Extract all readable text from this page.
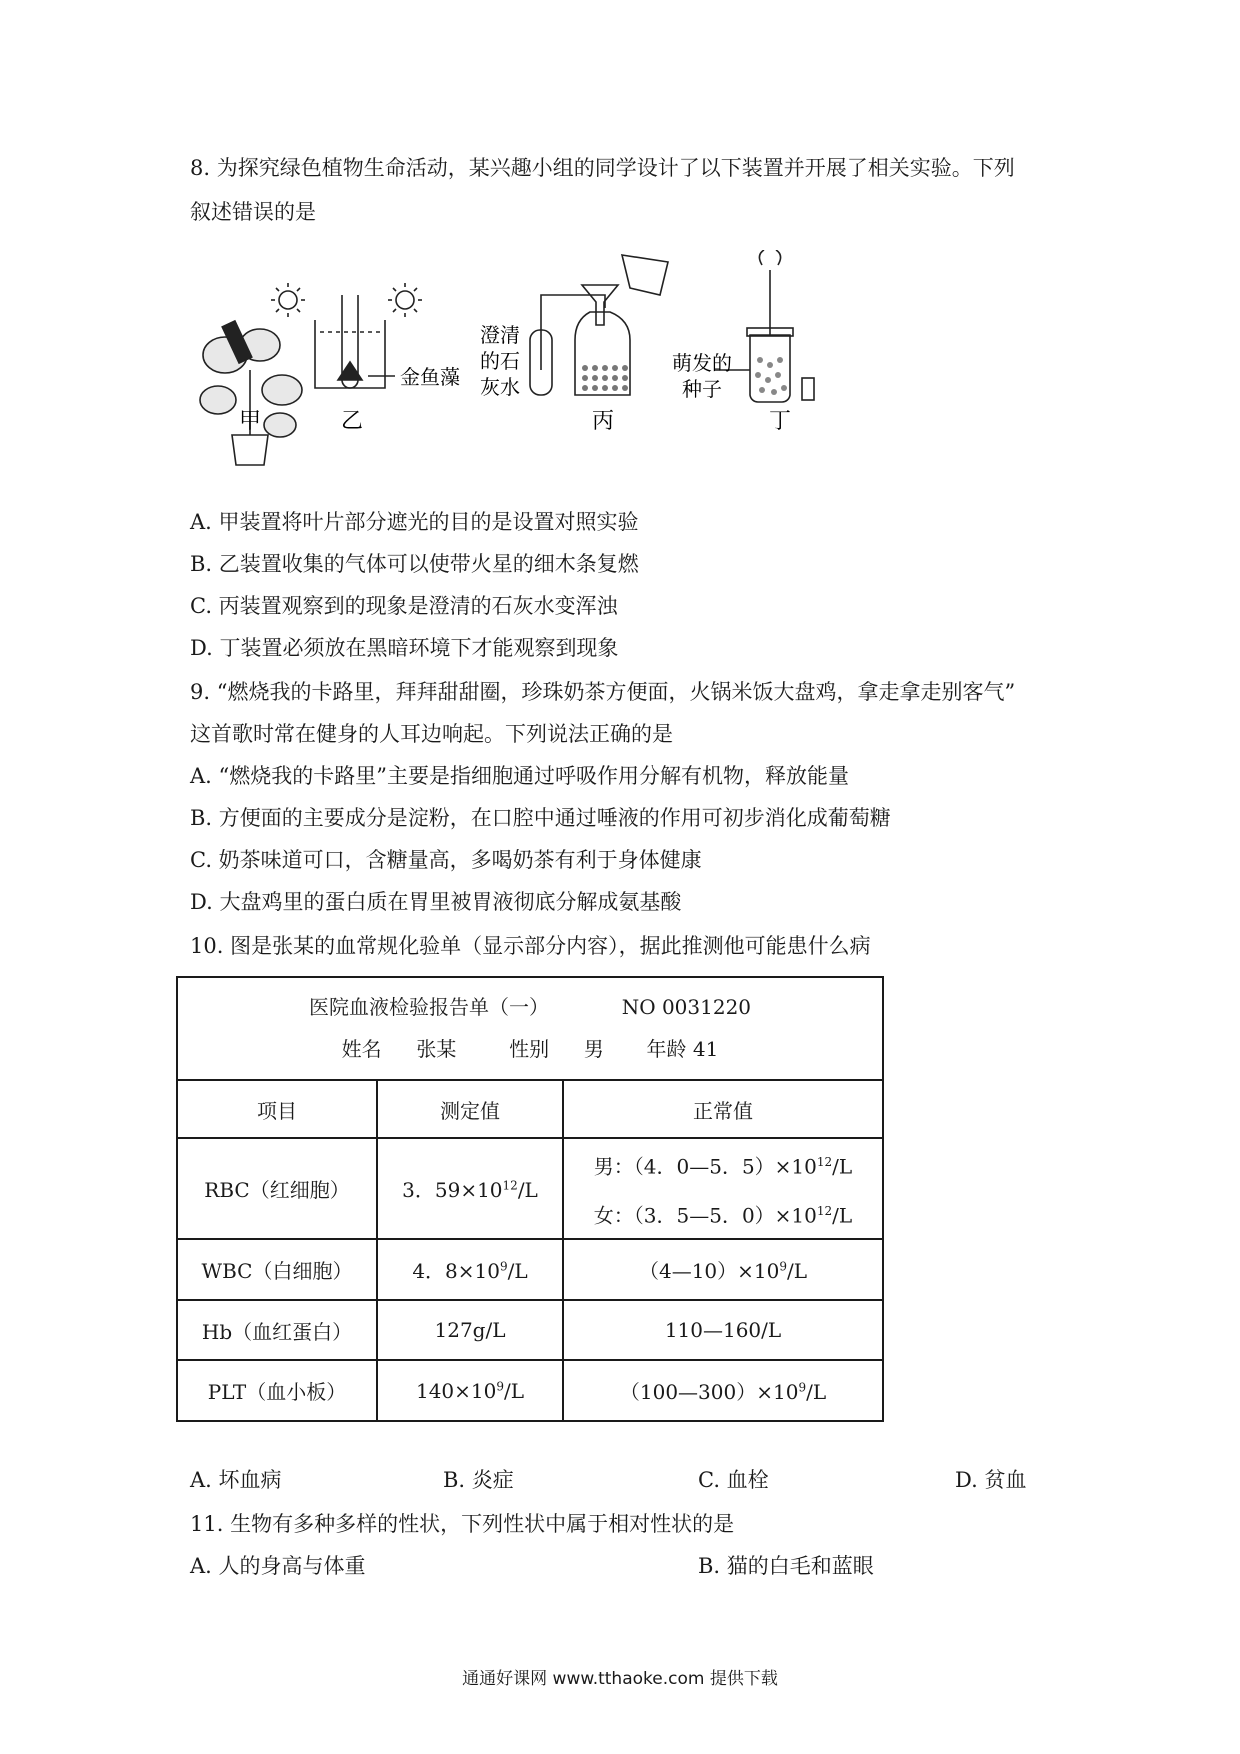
8. 为探究绿色植物生命活动，某兴趣小组的同学设计了以下装置并开展了相关实验。下列
叙述错误的是
甲	乙
金鱼藻
澄清
的石
灰水
丙
萌发的
种子
丁
A. 甲装置将叶片部分遮光的目的是设置对照实验
B. 乙装置收集的气体可以使带火星的细木条复燃
C. 丙装置观察到的现象是澄清的石灰水变浑浊
D. 丁装置必须放在黑暗环境下才能观察到现象
9. “燃烧我的卡路里，拜拜甜甜圈，珍珠奶茶方便面，火锅米饭大盘鸡，拿走拿走别客气”
这首歌时常在健身的人耳边响起。下列说法正确的是
A. “燃烧我的卡路里”主要是指细胞通过呼吸作用分解有机物，释放能量
B. 方便面的主要成分是淀粉，在口腔中通过唾液的作用可初步消化成葡萄糖
C. 奶茶味道可口，含糖量高，多喝奶茶有利于身体健康
D. 大盘鸡里的蛋白质在胃里被胃液彻底分解成氨基酸
10. 图是张某的血常规化验单（显示部分内容），据此推测他可能患什么病
医院血液检验报告单（一） NO 0031220
姓名 张某 性别 男 年龄 41		

项目	测定值	正常值
RBC（红细胞）	3．$59\times 10^{12}/L$	男：（4．0—5．$5)\times 10^{12}/L$
女：（3．5—5．$0)\times 10^{12}/L$

WBC（白细胞）	4．$8\times 10^9/L$	$(4—10)\times 10^9/L$
Hb（血红蛋白）	127g/L	110—160/L
PLT（血小板）	$140\times 10^9/L$	$(100—300)\times 10^9/L$
A. 坏血病	B. 炎症	C. 血栓	D. 贫血
11. 生物有多种多样的性状，下列性状中属于相对性状的是
A. 人的身高与体重	B. 猫的白毛和蓝眼
通通好课网 www.tthaoke.com 提供下载
